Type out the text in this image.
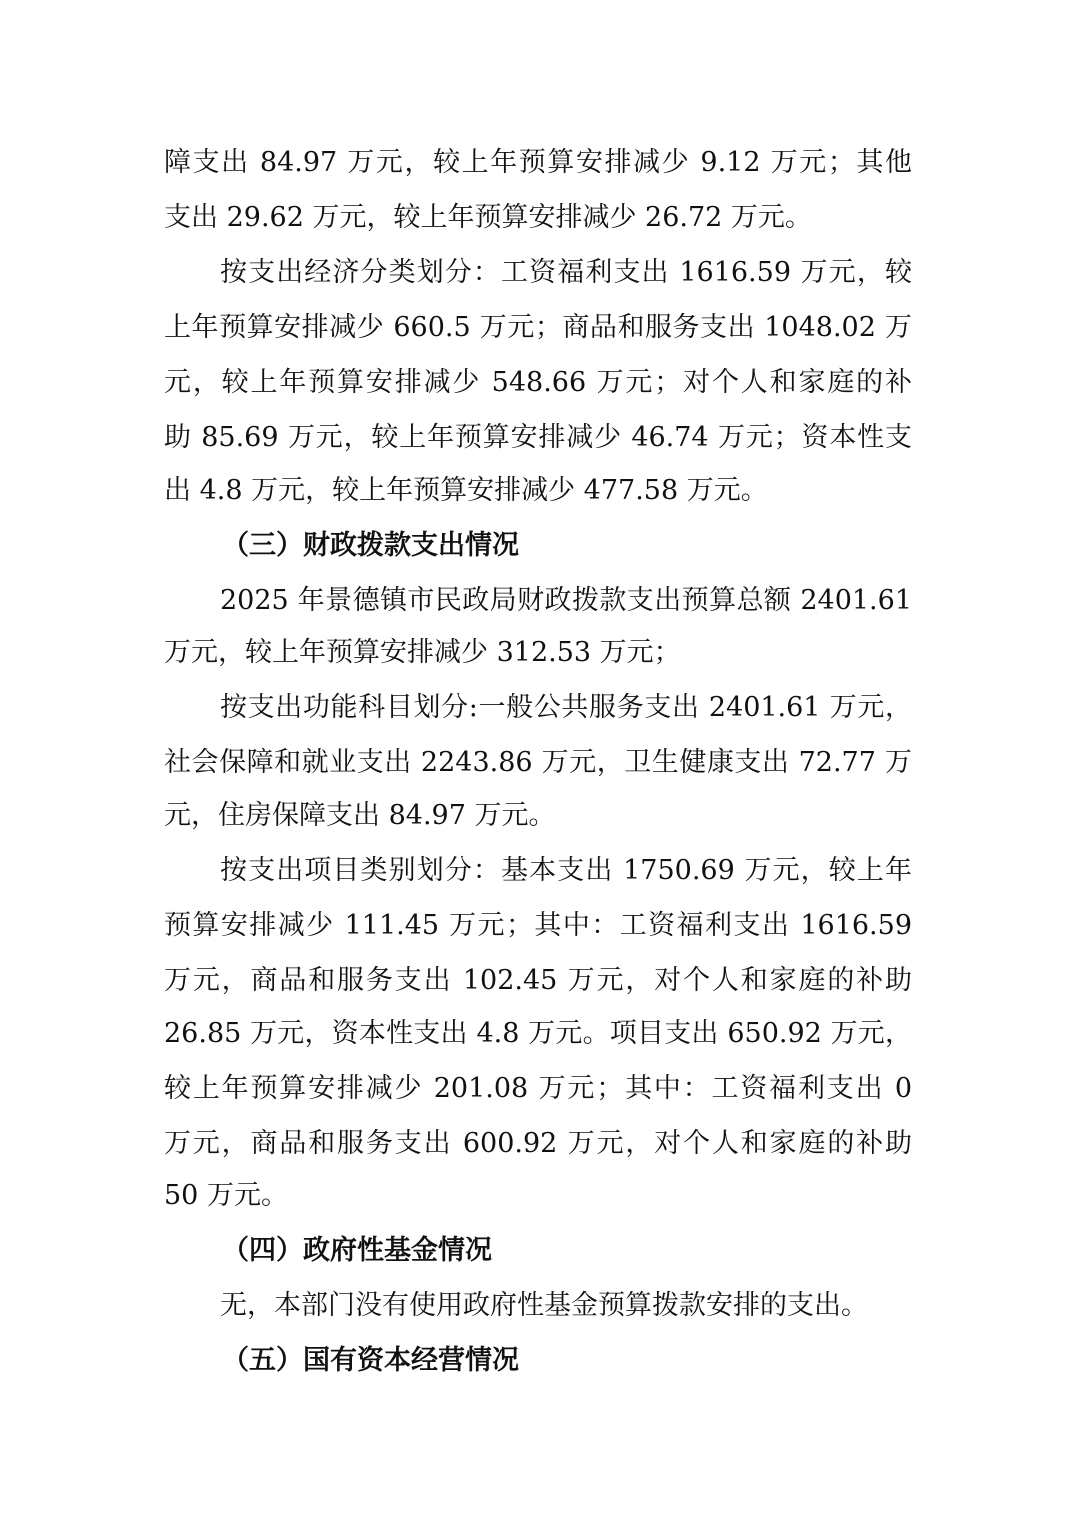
障支出 84.97 万元，较上年预算安排减少 9.12 万元；其他
支出 29.62 万元，较上年预算安排减少 26.72 万元。
按支出经济分类划分：工资福利支出 1616.59 万元，较
上年预算安排减少 660.5 万元；商品和服务支出 1048.02 万
元，较上年预算安排减少 548.66 万元；对个人和家庭的补
助 85.69 万元，较上年预算安排减少 46.74 万元；资本性支
出 4.8 万元，较上年预算安排减少 477.58 万元。
（三）财政拨款支出情况
2025 年景德镇市民政局财政拨款支出预算总额 2401.61
万元，较上年预算安排减少 312.53 万元；
按支出功能科目划分:一般公共服务支出 2401.61 万元，
社会保障和就业支出 2243.86 万元，卫生健康支出 72.77 万
元，住房保障支出 84.97 万元。
按支出项目类别划分：基本支出 1750.69 万元，较上年
预算安排减少 111.45 万元；其中：工资福利支出 1616.59
万元，商品和服务支出 102.45 万元，对个人和家庭的补助
26.85 万元，资本性支出 4.8 万元。项目支出 650.92 万元，
较上年预算安排减少 201.08 万元；其中：工资福利支出 0
万元，商品和服务支出 600.92 万元，对个人和家庭的补助
50 万元。
（四）政府性基金情况
无，本部门没有使用政府性基金预算拨款安排的支出。
（五）国有资本经营情况
